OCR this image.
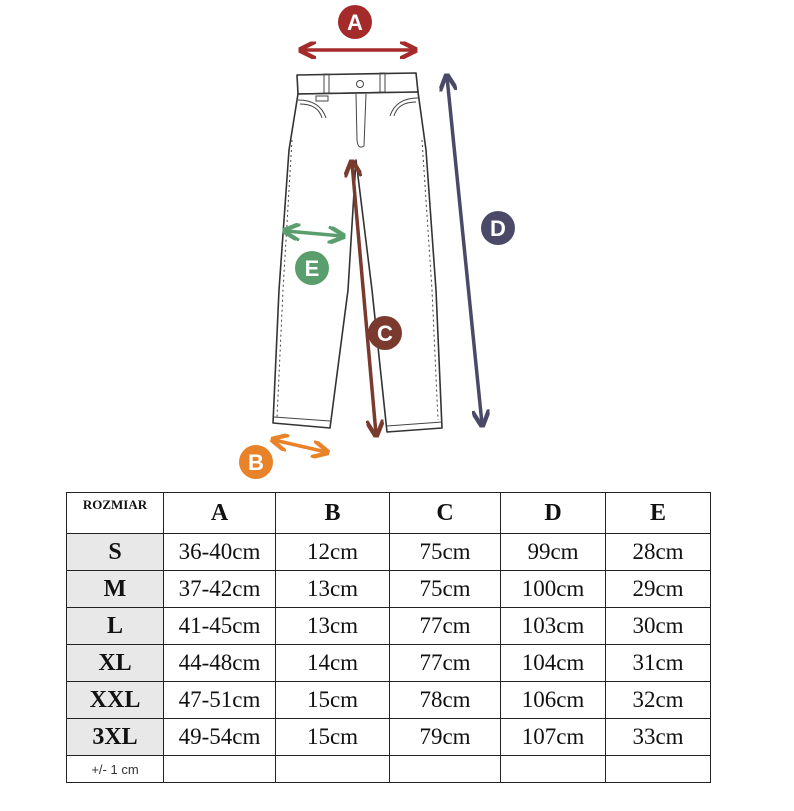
A
D
C
E
B
ROZMIAR	A	B	C	D	E
S	36-40cm	12cm	75cm	99cm	28cm
M	37-42cm	13cm	75cm	100cm	29cm
L	41-45cm	13cm	77cm	103cm	30cm
XL	44-48cm	14cm	77cm	104cm	31cm
XXL	47-51cm	15cm	78cm	106cm	32cm
3XL	49-54cm	15cm	79cm	107cm	33cm
+/- 1 cm					
